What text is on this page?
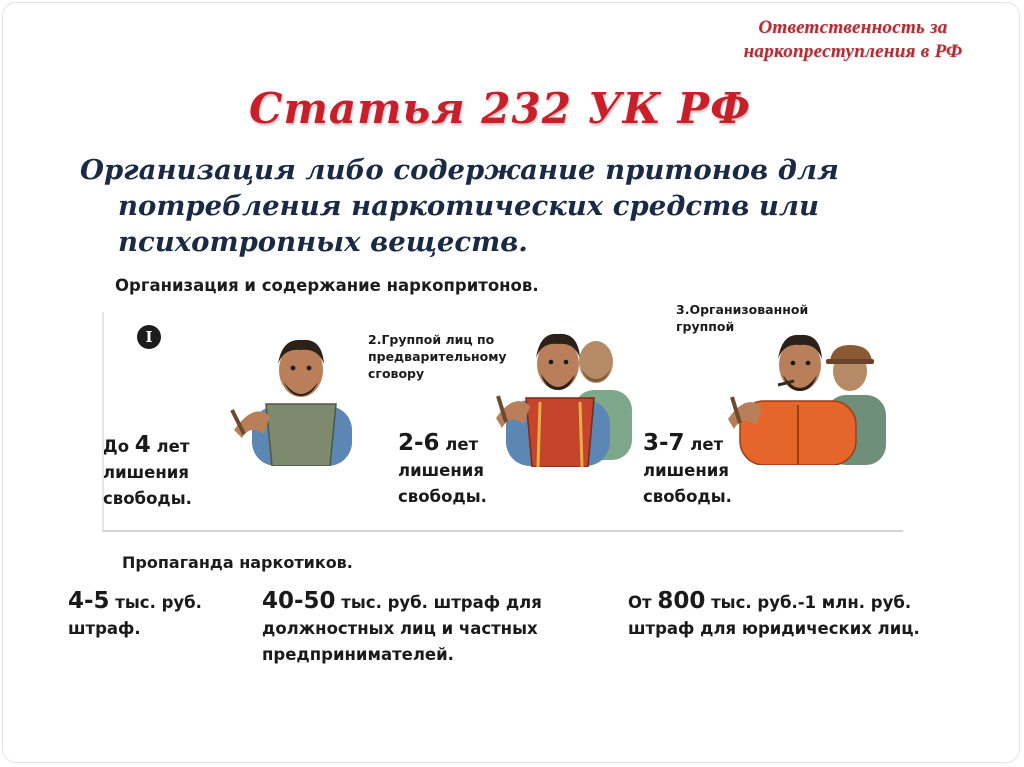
Ответственность за
наркопреступления в РФ
Статья 232 УК РФ
Организация либо содержание притонов для потребления наркотических средств или психотропных веществ.
Организация и содержание наркопритонов.
I	2.Группой лиц по
предварительному
сговору
3.Организованной
группой
До 4 лет
лишения
свободы.
2-6 лет
лишения
свободы.
3-7 лет
лишения
свободы.
Пропаганда наркотиков.
4-5 тыс. руб.
штраф.
40-50 тыс. руб. штраф для
должностных лиц и частных
предпринимателей.
От 800 тыс. руб.-1 млн. руб.
штраф для юридических лиц.
